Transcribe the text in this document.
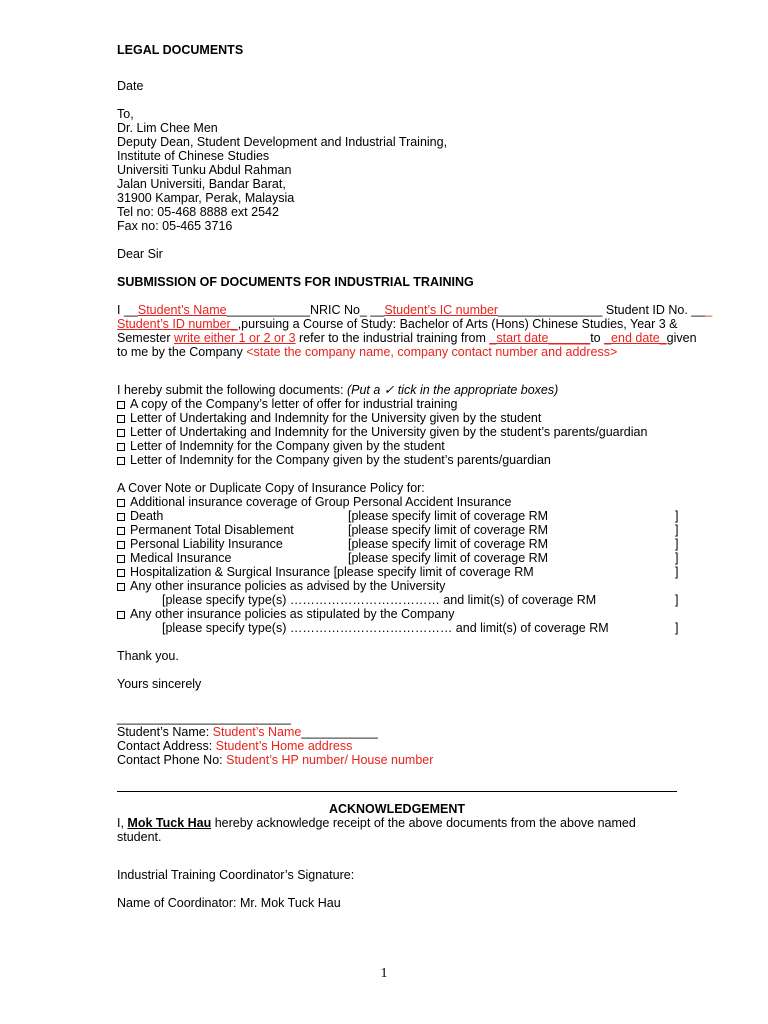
LEGAL DOCUMENTS
Date
To,
Dr. Lim Chee Men
Deputy Dean, Student Development and Industrial Training,
Institute of Chinese Studies
Universiti Tunku Abdul Rahman
Jalan Universiti, Bandar Barat,
31900 Kampar, Perak, Malaysia
Tel no: 05-468 8888 ext 2542
Fax no: 05-465 3716
Dear Sir
SUBMISSION OF DOCUMENTS FOR INDUSTRIAL TRAINING
I __Student’s Name____________NRIC No_ __Student’s IC number_______________ Student ID No. ___
Student’s ID number_,pursuing a Course of Study: Bachelor of Arts (Hons) Chinese Studies, Year 3 &
Semester write either 1 or 2 or 3 refer to the industrial training from _start date______to _end date_given
to me by the Company <state the company name, company contact number and address>
I hereby submit the following documents: (Put a ✓ tick in the appropriate boxes)
A copy of the Company’s letter of offer for industrial training
Letter of Undertaking and Indemnity for the University given by the student
Letter of Undertaking and Indemnity for the University given by the student’s parents/guardian
Letter of Indemnity for the Company given by the student
Letter of Indemnity for the Company given by the student’s parents/guardian
A Cover Note or Duplicate Copy of Insurance Policy for:
Additional insurance coverage of Group Personal Accident Insurance
Death	[please specify limit of coverage RM	]
Permanent Total Disablement	[please specify limit of coverage RM	]
Personal Liability Insurance	[please specify limit of coverage RM	]
Medical Insurance	[please specify limit of coverage RM	]
Hospitalization & Surgical Insurance [please specify limit of coverage RM	]
Any other insurance policies as advised by the University
[please specify type(s) ……………………………… and limit(s) of coverage RM	]
Any other insurance policies as stipulated by the Company
[please specify type(s) ………………………………… and limit(s) of coverage RM	]
Thank you.
Yours sincerely
_________________________
Student’s Name: Student’s Name___________
Contact Address: Student’s Home address
Contact Phone No: Student’s HP number/ House number
ACKNOWLEDGEMENT
I, Mok Tuck Hau hereby acknowledge receipt of the above documents from the above named
student.
Industrial Training Coordinator’s Signature:
Name of Coordinator: Mr. Mok Tuck Hau
1
